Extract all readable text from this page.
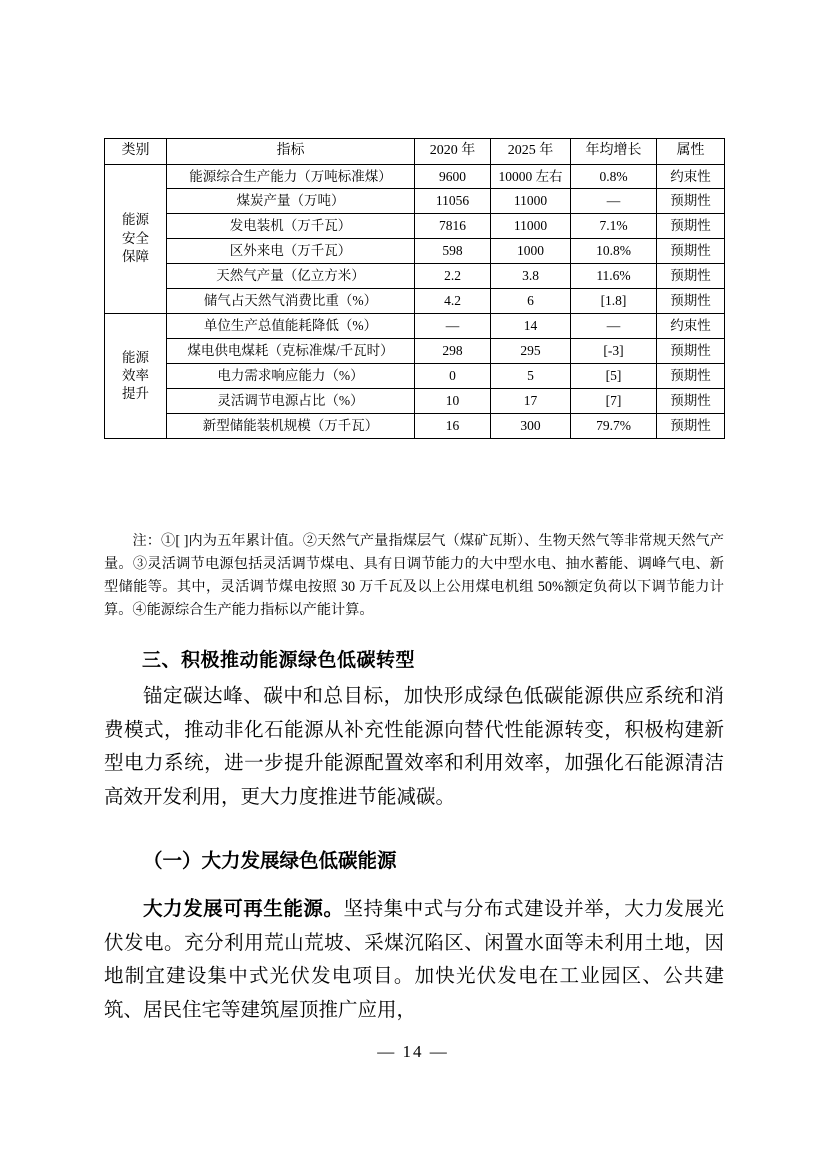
类别	指标	2020 年	2025 年	年均增长	属性
能源
安全
保障	能源综合生产能力（万吨标准煤）	9600	10000 左右	0.8%	约束性
	煤炭产量（万吨）	11056	11000	—	预期性
	发电装机（万千瓦）	7816	11000	7.1%	预期性
	区外来电（万千瓦）	598	1000	10.8%	预期性
	天然气产量（亿立方米）	2.2	3.8	11.6%	预期性
	储气占天然气消费比重（%）	4.2	6	[1.8]	预期性
能源
效率
提升	单位生产总值能耗降低（%）	—	14	—	约束性
	煤电供电煤耗（克标准煤/千瓦时）	298	295	[-3]	预期性
	电力需求响应能力（%）	0	5	[5]	预期性
	灵活调节电源占比（%）	10	17	[7]	预期性
	新型储能装机规模（万千瓦）	16	300	79.7%	预期性
注：①[ ]内为五年累计值。②天然气产量指煤层气（煤矿瓦斯）、生物天然气等非常规天然气产量。③灵活调节电源包括灵活调节煤电、具有日调节能力的大中型水电、抽水蓄能、调峰气电、新型储能等。其中，灵活调节煤电按照 30 万千瓦及以上公用煤电机组 50%额定负荷以下调节能力计算。④能源综合生产能力指标以产能计算。
三、积极推动能源绿色低碳转型
锚定碳达峰、碳中和总目标，加快形成绿色低碳能源供应系统和消费模式，推动非化石能源从补充性能源向替代性能源转变，积极构建新型电力系统，进一步提升能源配置效率和利用效率，加强化石能源清洁高效开发利用，更大力度推进节能减碳。
（一）大力发展绿色低碳能源
大力发展可再生能源。坚持集中式与分布式建设并举，大力发展光伏发电。充分利用荒山荒坡、采煤沉陷区、闲置水面等未利用土地，因地制宜建设集中式光伏发电项目。加快光伏发电在工业园区、公共建筑、居民住宅等建筑屋顶推广应用，
— 14 —
